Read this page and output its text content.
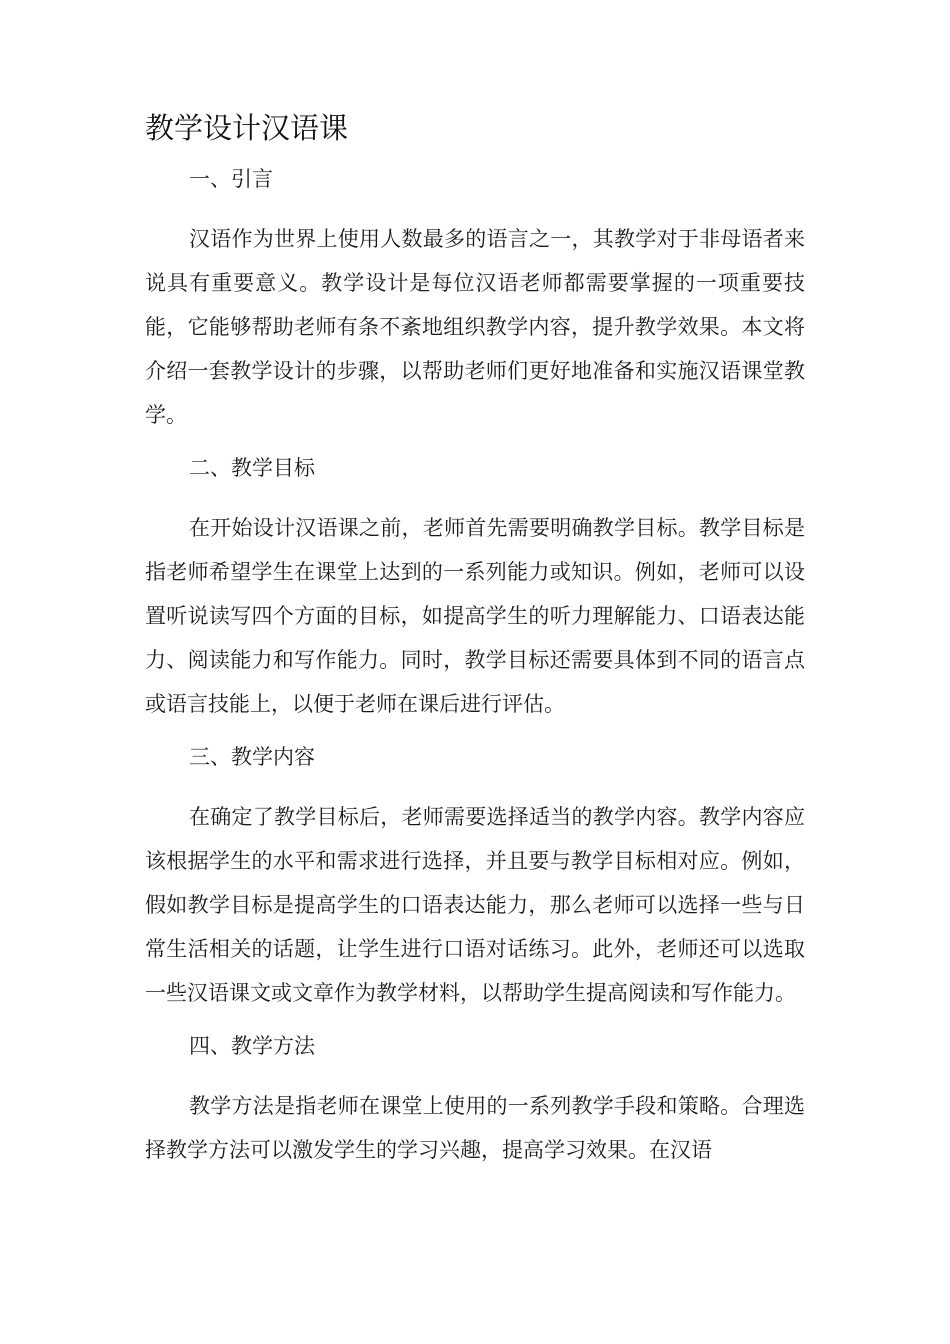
教学设计汉语课

一、引言

汉语作为世界上使用人数最多的语言之一，其教学对于非母语者来说具有重要意义。教学设计是每位汉语老师都需要掌握的一项重要技能，它能够帮助老师有条不紊地组织教学内容，提升教学效果。本文将介绍一套教学设计的步骤，以帮助老师们更好地准备和实施汉语课堂教学。

二、教学目标

在开始设计汉语课之前，老师首先需要明确教学目标。教学目标是指老师希望学生在课堂上达到的一系列能力或知识。例如，老师可以设置听说读写四个方面的目标，如提高学生的听力理解能力、口语表达能力、阅读能力和写作能力。同时，教学目标还需要具体到不同的语言点或语言技能上，以便于老师在课后进行评估。

三、教学内容

在确定了教学目标后，老师需要选择适当的教学内容。教学内容应该根据学生的水平和需求进行选择，并且要与教学目标相对应。例如，假如教学目标是提高学生的口语表达能力，那么老师可以选择一些与日常生活相关的话题，让学生进行口语对话练习。此外，老师还可以选取一些汉语课文或文章作为教学材料，以帮助学生提高阅读和写作能力。

四、教学方法

教学方法是指老师在课堂上使用的一系列教学手段和策略。合理选择教学方法可以激发学生的学习兴趣，提高学习效果。在汉语
